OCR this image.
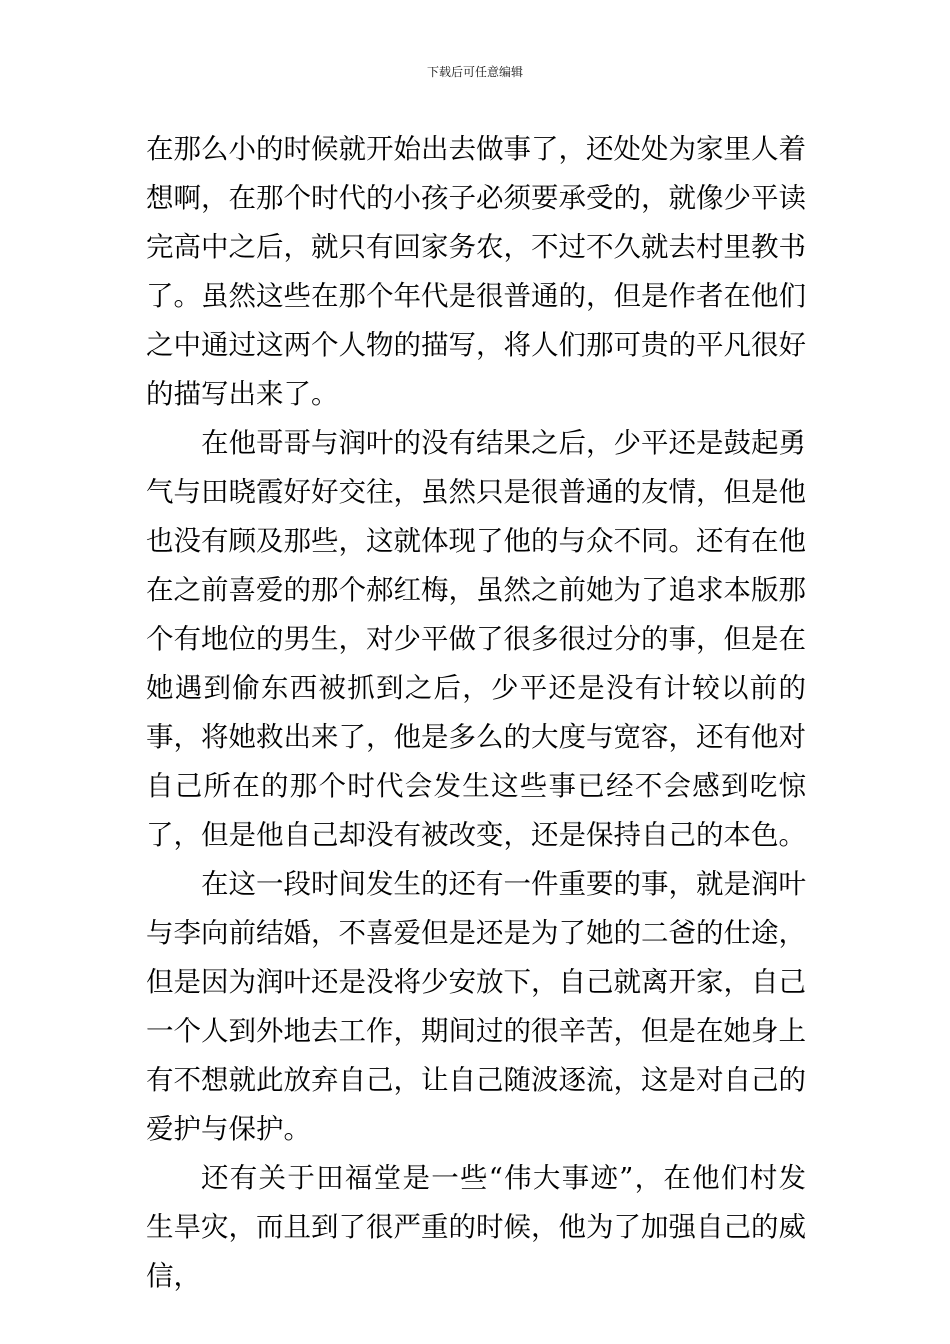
下载后可任意编辑

在那么小的时候就开始出去做事了，还处处为家里人着想啊，在那个时代的小孩子必须要承受的，就像少平读完高中之后，就只有回家务农，不过不久就去村里教书了。虽然这些在那个年代是很普通的，但是作者在他们之中通过这两个人物的描写，将人们那可贵的平凡很好的描写出来了。

在他哥哥与润叶的没有结果之后，少平还是鼓起勇气与田晓霞好好交往，虽然只是很普通的友情，但是他也没有顾及那些，这就体现了他的与众不同。还有在他在之前喜爱的那个郝红梅，虽然之前她为了追求本版那个有地位的男生，对少平做了很多很过分的事，但是在她遇到偷东西被抓到之后，少平还是没有计较以前的事，将她救出来了，他是多么的大度与宽容，还有他对自己所在的那个时代会发生这些事已经不会感到吃惊了，但是他自己却没有被改变，还是保持自己的本色。

在这一段时间发生的还有一件重要的事，就是润叶与李向前结婚，不喜爱但是还是为了她的二爸的仕途，但是因为润叶还是没将少安放下，自己就离开家，自己一个人到外地去工作，期间过的很辛苦，但是在她身上有不想就此放弃自己，让自己随波逐流，这是对自己的爱护与保护。

还有关于田福堂是一些“伟大事迹”，在他们村发生旱灾，而且到了很严重的时候，他为了加强自己的威信，
